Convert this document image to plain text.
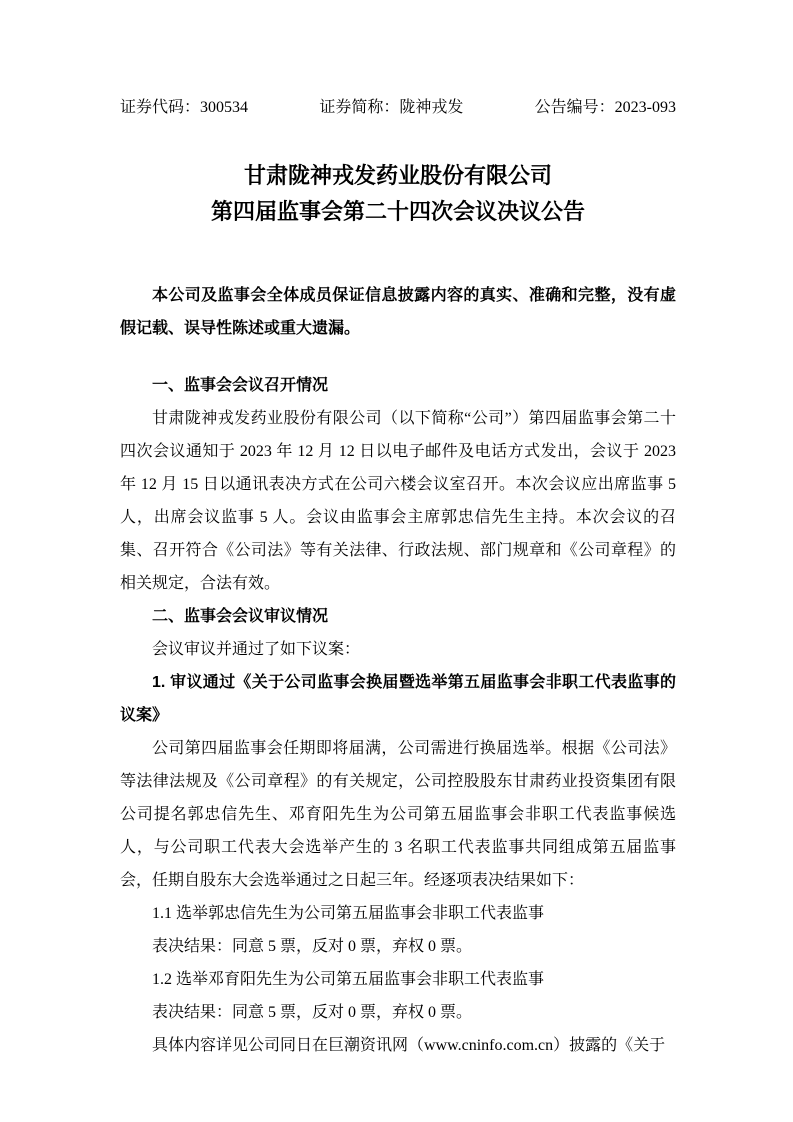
证券代码：300534	证券简称：陇神戎发	公告编号：2023-093
甘肃陇神戎发药业股份有限公司
第四届监事会第二十四次会议决议公告

本公司及监事会全体成员保证信息披露内容的真实、准确和完整，没有虚假记载、误导性陈述或重大遗漏。

一、监事会会议召开情况

甘肃陇神戎发药业股份有限公司（以下简称“公司”）第四届监事会第二十四次会议通知于 2023 年 12 月 12 日以电子邮件及电话方式发出，会议于 2023 年 12 月 15 日以通讯表决方式在公司六楼会议室召开。本次会议应出席监事 5 人，出席会议监事 5 人。会议由监事会主席郭忠信先生主持。本次会议的召集、召开符合《公司法》等有关法律、行政法规、部门规章和《公司章程》的相关规定，合法有效。

二、监事会会议审议情况

会议审议并通过了如下议案：

1. 审议通过《关于公司监事会换届暨选举第五届监事会非职工代表监事的议案》

公司第四届监事会任期即将届满，公司需进行换届选举。根据《公司法》等法律法规及《公司章程》的有关规定，公司控股股东甘肃药业投资集团有限公司提名郭忠信先生、邓育阳先生为公司第五届监事会非职工代表监事候选人，与公司职工代表大会选举产生的 3 名职工代表监事共同组成第五届监事会，任期自股东大会选举通过之日起三年。经逐项表决结果如下：

1.1 选举郭忠信先生为公司第五届监事会非职工代表监事

表决结果：同意 5 票，反对 0 票，弃权 0 票。

1.2 选举邓育阳先生为公司第五届监事会非职工代表监事

表决结果：同意 5 票，反对 0 票，弃权 0 票。

具体内容详见公司同日在巨潮资讯网（www.cninfo.com.cn）披露的《关于
